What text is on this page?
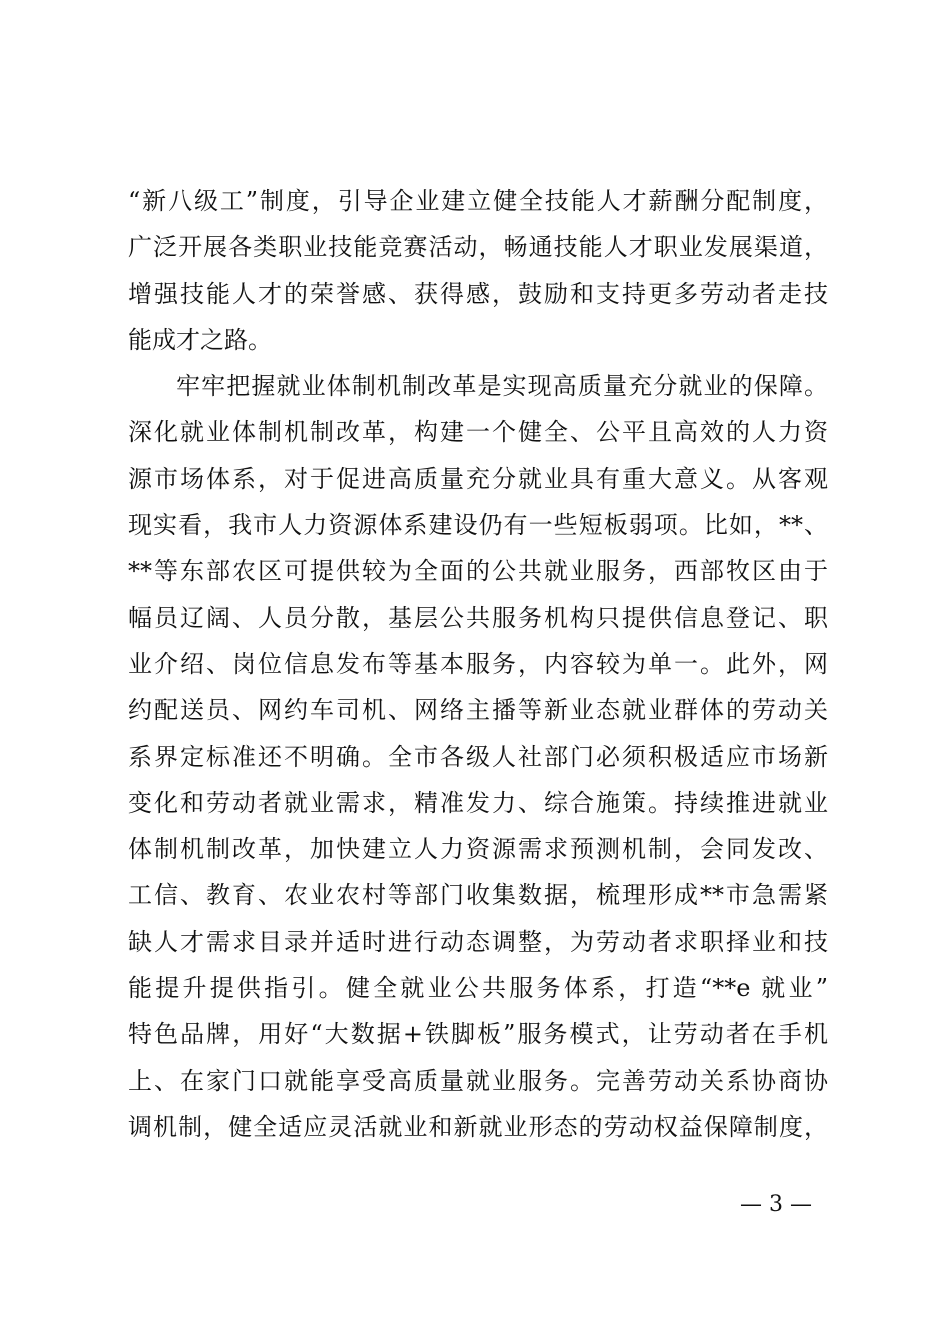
“新八级工”制度，引导企业建立健全技能人才薪酬分配制度，
广泛开展各类职业技能竞赛活动，畅通技能人才职业发展渠道，
增强技能人才的荣誉感、获得感，鼓励和支持更多劳动者走技
能成才之路。
牢牢把握就业体制机制改革是实现高质量充分就业的保障。
深化就业体制机制改革，构建一个健全、公平且高效的人力资
源市场体系，对于促进高质量充分就业具有重大意义。从客观
现实看，我市人力资源体系建设仍有一些短板弱项。比如，**、
**等东部农区可提供较为全面的公共就业服务，西部牧区由于
幅员辽阔、人员分散，基层公共服务机构只提供信息登记、职
业介绍、岗位信息发布等基本服务，内容较为单一。此外，网
约配送员、网约车司机、网络主播等新业态就业群体的劳动关
系界定标准还不明确。全市各级人社部门必须积极适应市场新
变化和劳动者就业需求，精准发力、综合施策。持续推进就业
体制机制改革，加快建立人力资源需求预测机制，会同发改、
工信、教育、农业农村等部门收集数据，梳理形成**市急需紧
缺人才需求目录并适时进行动态调整，为劳动者求职择业和技
能提升提供指引。健全就业公共服务体系，打造“**e 就业”
特色品牌，用好“大数据+铁脚板”服务模式，让劳动者在手机
上、在家门口就能享受高质量就业服务。完善劳动关系协商协
调机制，健全适应灵活就业和新就业形态的劳动权益保障制度，
— 3 —
